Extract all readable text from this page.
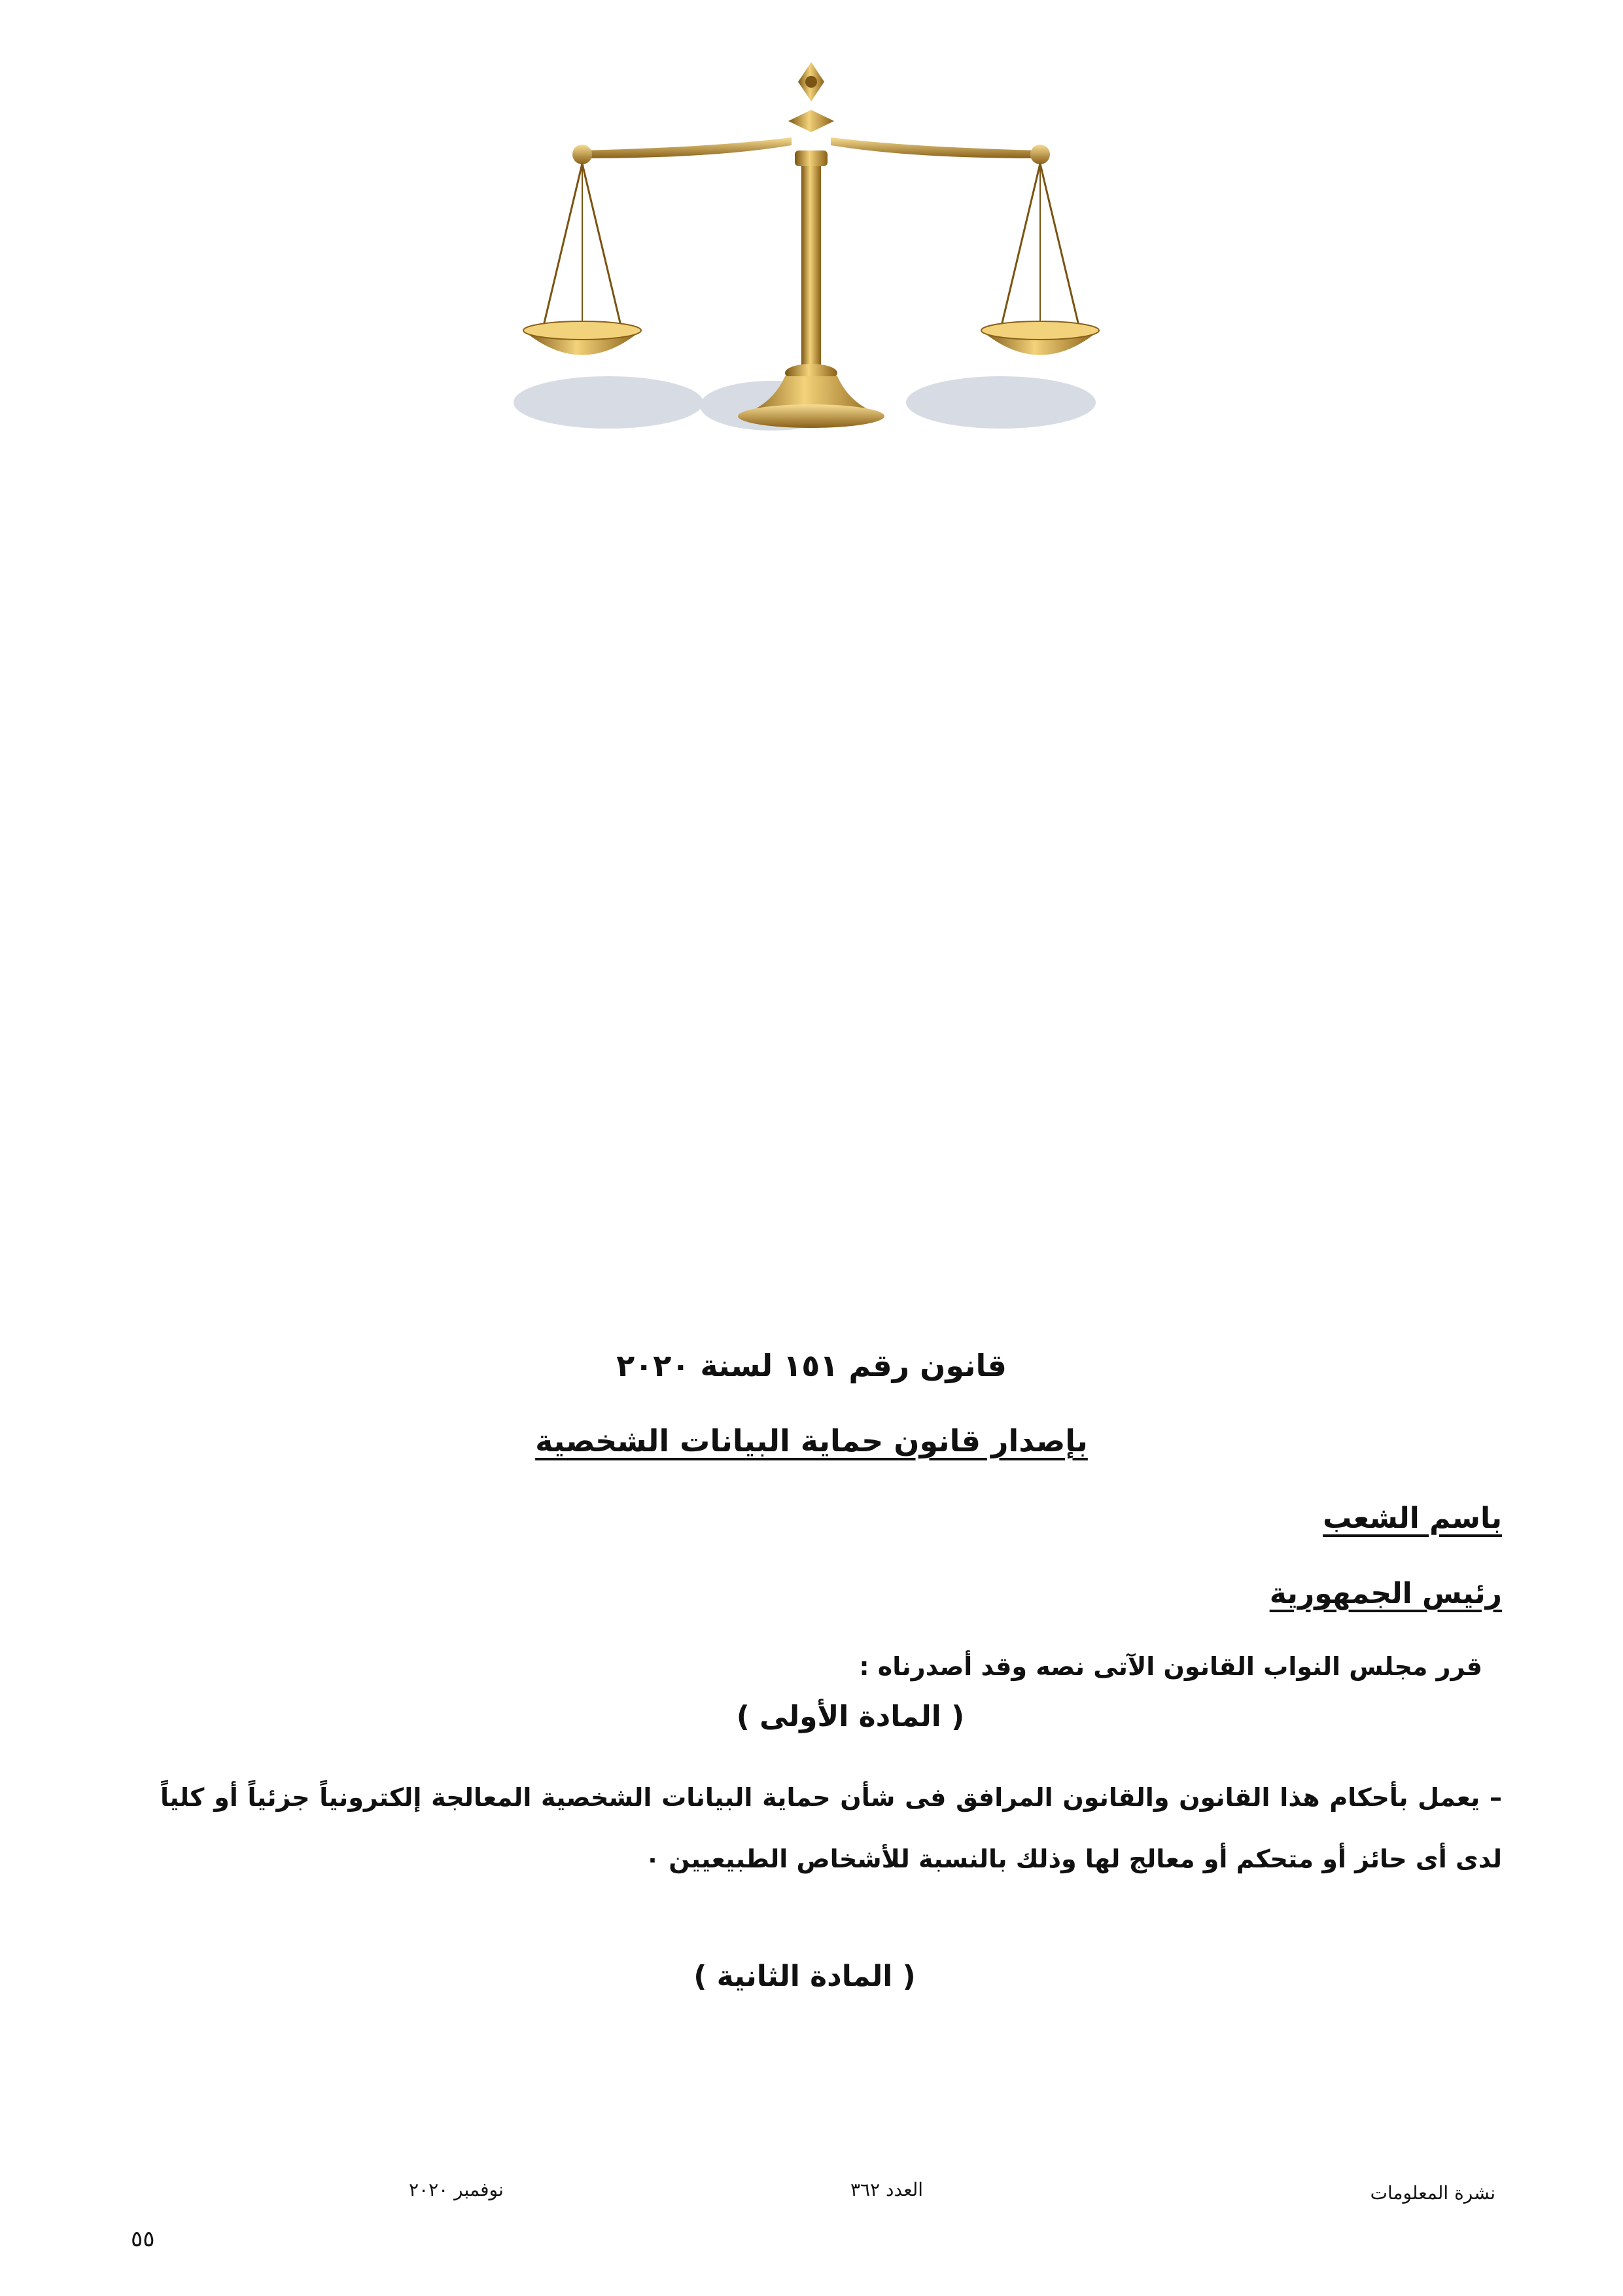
قانون رقم ١٥١ لسنة ٢٠٢٠
بإصدار قانون حماية البيانات الشخصية
باسم الشعب
رئيس الجمهورية
قرر مجلس النواب القانون الآتى نصه وقد أصدرناه :
( المادة الأولى )
– يعمل بأحكام هذا القانون والقانون المرافق فى شأن حماية البيانات الشخصية المعالجة إلكترونياً جزئياً أو كلياً لدى أى حائز أو متحكم أو معالج لها وذلك بالنسبة للأشخاص الطبيعيين ٠
( المادة الثانية )
نشرة المعلومات
العدد ٣٦٢
نوفمبر ٢٠٢٠
٥٥
